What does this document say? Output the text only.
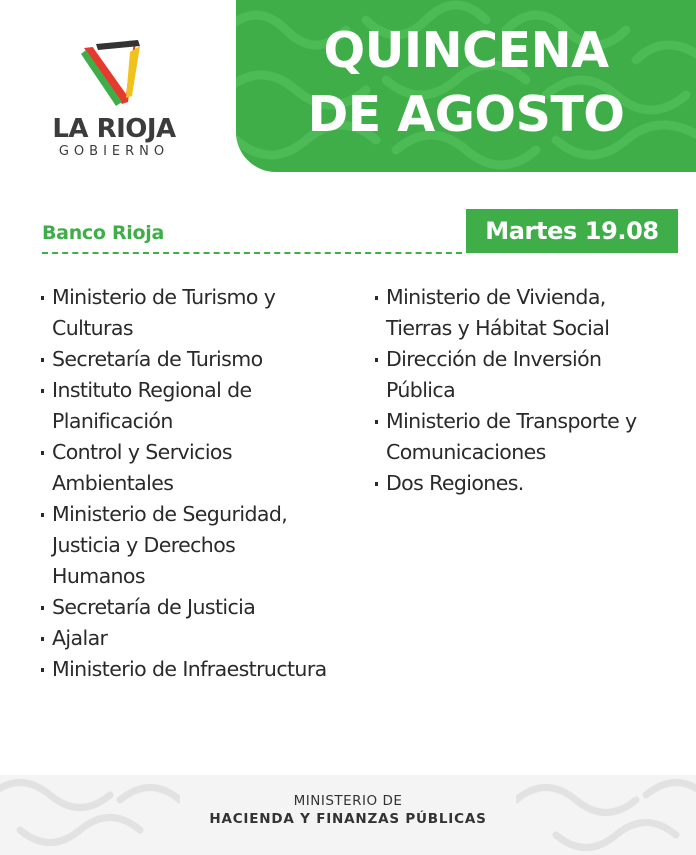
LA RIOJA
GOBIERNO
QUINCENA
DE AGOSTO
Banco Rioja	Martes 19.08
Ministerio de Turismo y
Culturas
Secretaría de Turismo
Instituto Regional de
Planificación
Control y Servicios
Ambientales
Ministerio de Seguridad,
Justicia y Derechos
Humanos
Secretaría de Justicia
Ajalar
Ministerio de Infraestructura
Ministerio de Vivienda,
Tierras y Hábitat Social
Dirección de Inversión
Pública
Ministerio de Transporte y
Comunicaciones
Dos Regiones.
MINISTERIO DE
HACIENDA Y FINANZAS PÚBLICAS
